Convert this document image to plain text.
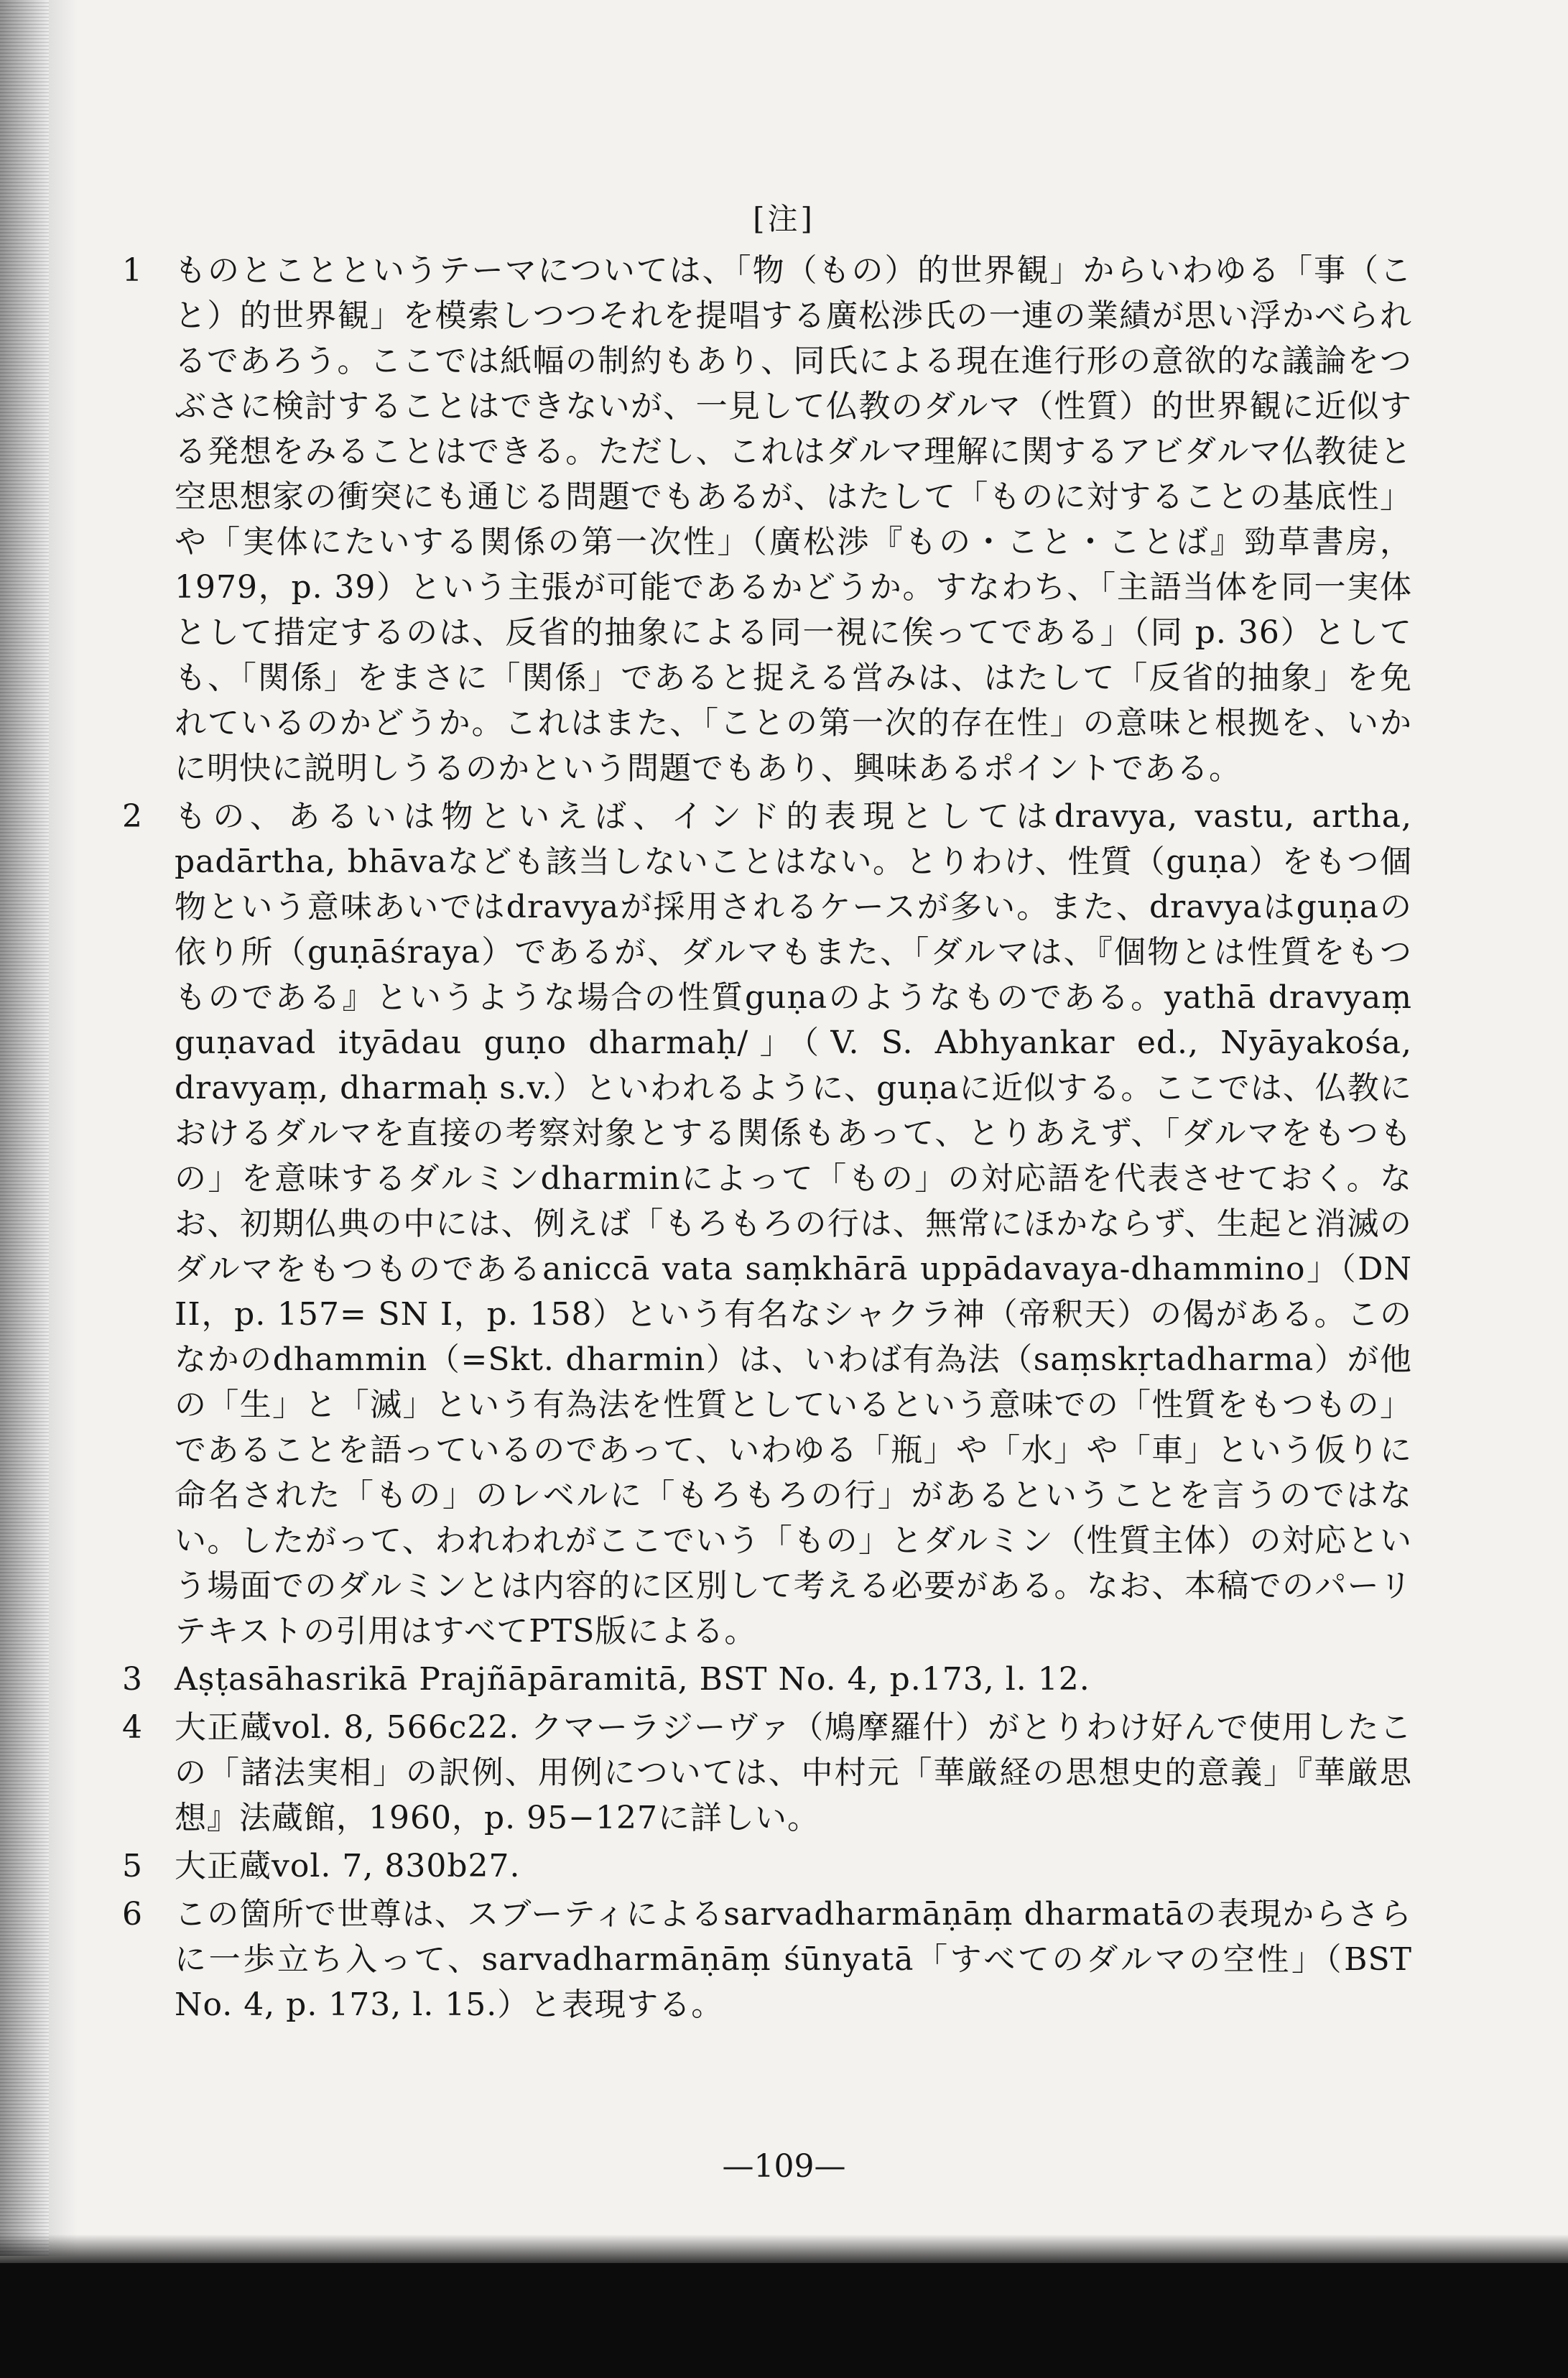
[注]
1 ものとことというテーマについては、「物（もの）的世界観」からいわゆる「事（こと）的世界観」を模索しつつそれを提唱する廣松渉氏の一連の業績が思い浮かべられるであろう。ここでは紙幅の制約もあり、同氏による現在進行形の意欲的な議論をつぶさに検討することはできないが、一見して仏教のダルマ（性質）的世界観に近似する発想をみることはできる。ただし、これはダルマ理解に関するアビダルマ仏教徒と空思想家の衝突にも通じる問題でもあるが、はたして「ものに対することの基底性」や「実体にたいする関係の第一次性」（廣松渉『もの・こと・ことば』勁草書房，1979，p. 39）という主張が可能であるかどうか。すなわち、「主語当体を同一実体として措定するのは、反省的抽象による同一視に俟ってである」（同 p. 36）としても、「関係」をまさに「関係」であると捉える営みは、はたして「反省的抽象」を免れているのかどうか。これはまた、「ことの第一次的存在性」の意味と根拠を、いかに明快に説明しうるのかという問題でもあり、興味あるポイントである。
2 もの、あるいは物といえば、インド的表現としてはdravya, vastu, artha, padārtha, bhāvaなども該当しないことはない。とりわけ、性質（guṇa）をもつ個物という意味あいではdravyaが採用されるケースが多い。また、dravyaはguṇaの依り所（guṇāśraya）であるが、ダルマもまた、「ダルマは、『個物とは性質をもつものである』というような場合の性質guṇaのようなものである。yathā dravyaṃ guṇavad ityādau guṇo dharmaḥ/」（V. S. Abhyankar ed., Nyāyakośa, dravyaṃ, dharmaḥ s.v.）といわれるように、guṇaに近似する。ここでは、仏教におけるダルマを直接の考察対象とする関係もあって、とりあえず、「ダルマをもつもの」を意味するダルミンdharminによって「もの」の対応語を代表させておく。なお、初期仏典の中には、例えば「もろもろの行は、無常にほかならず、生起と消滅のダルマをもつものであるaniccā vata saṃkhārā uppādavaya-dhammino」（DN II，p. 157= SN I，p. 158）という有名なシャクラ神（帝釈天）の偈がある。このなかのdhammin（=Skt. dharmin）は、いわば有為法（saṃskṛtadharma）が他の「生」と「滅」という有為法を性質としているという意味での「性質をもつもの」であることを語っているのであって、いわゆる「瓶」や「水」や「車」という仮りに命名された「もの」のレベルに「もろもろの行」があるということを言うのではない。したがって、われわれがここでいう「もの」とダルミン（性質主体）の対応という場面でのダルミンとは内容的に区別して考える必要がある。なお、本稿でのパーリテキストの引用はすべてPTS版による。
3 Aṣṭasāhasrikā Prajñāpāramitā, BST No. 4, p.173, l. 12.
4 大正蔵vol. 8, 566c22. クマーラジーヴァ（鳩摩羅什）がとりわけ好んで使用したこの「諸法実相」の訳例、用例については、中村元「華厳経の思想史的意義」『華厳思想』法蔵館，1960，p. 95−127に詳しい。
5 大正蔵vol. 7, 830b27.
6 この箇所で世尊は、スブーティによるsarvadharmāṇāṃ dharmatāの表現からさらに一歩立ち入って、sarvadharmāṇāṃ śūnyatā「すべてのダルマの空性」（BST No. 4, p. 173, l. 15.）と表現する。
—109—
